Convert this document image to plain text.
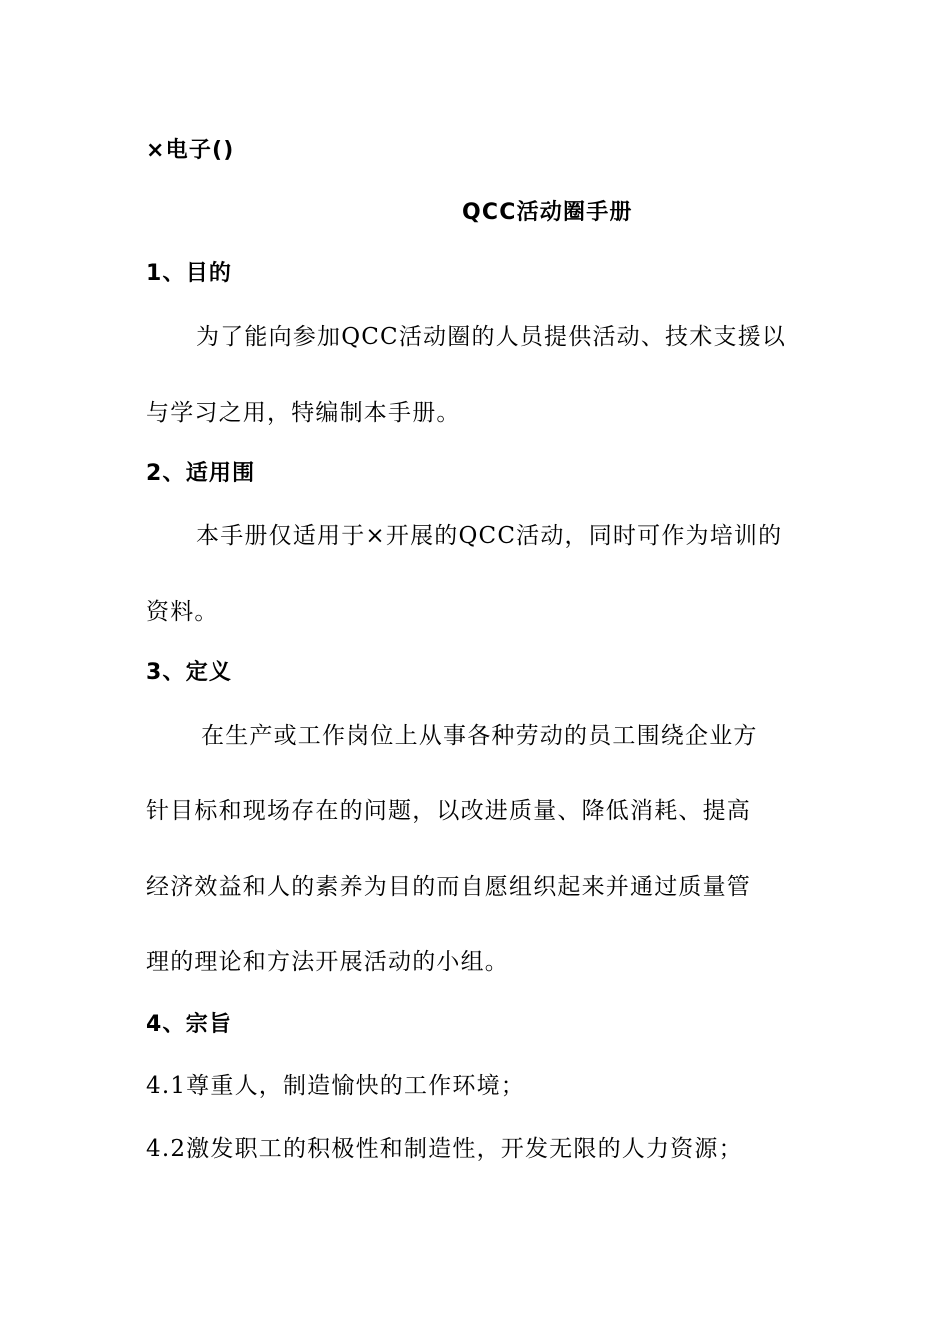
×电子()
QCC活动圈手册
1、目的
为了能向参加QCC活动圈的人员提供活动、技术支援以
与学习之用，特编制本手册。
2、适用围
本手册仅适用于×开展的QCC活动，同时可作为培训的
资料。
3、定义
在生产或工作岗位上从事各种劳动的员工围绕企业方
针目标和现场存在的问题，以改进质量、降低消耗、提高
经济效益和人的素养为目的而自愿组织起来并通过质量管
理的理论和方法开展活动的小组。
4、宗旨
4.1尊重人，制造愉快的工作环境；
4.2激发职工的积极性和制造性，开发无限的人力资源；
